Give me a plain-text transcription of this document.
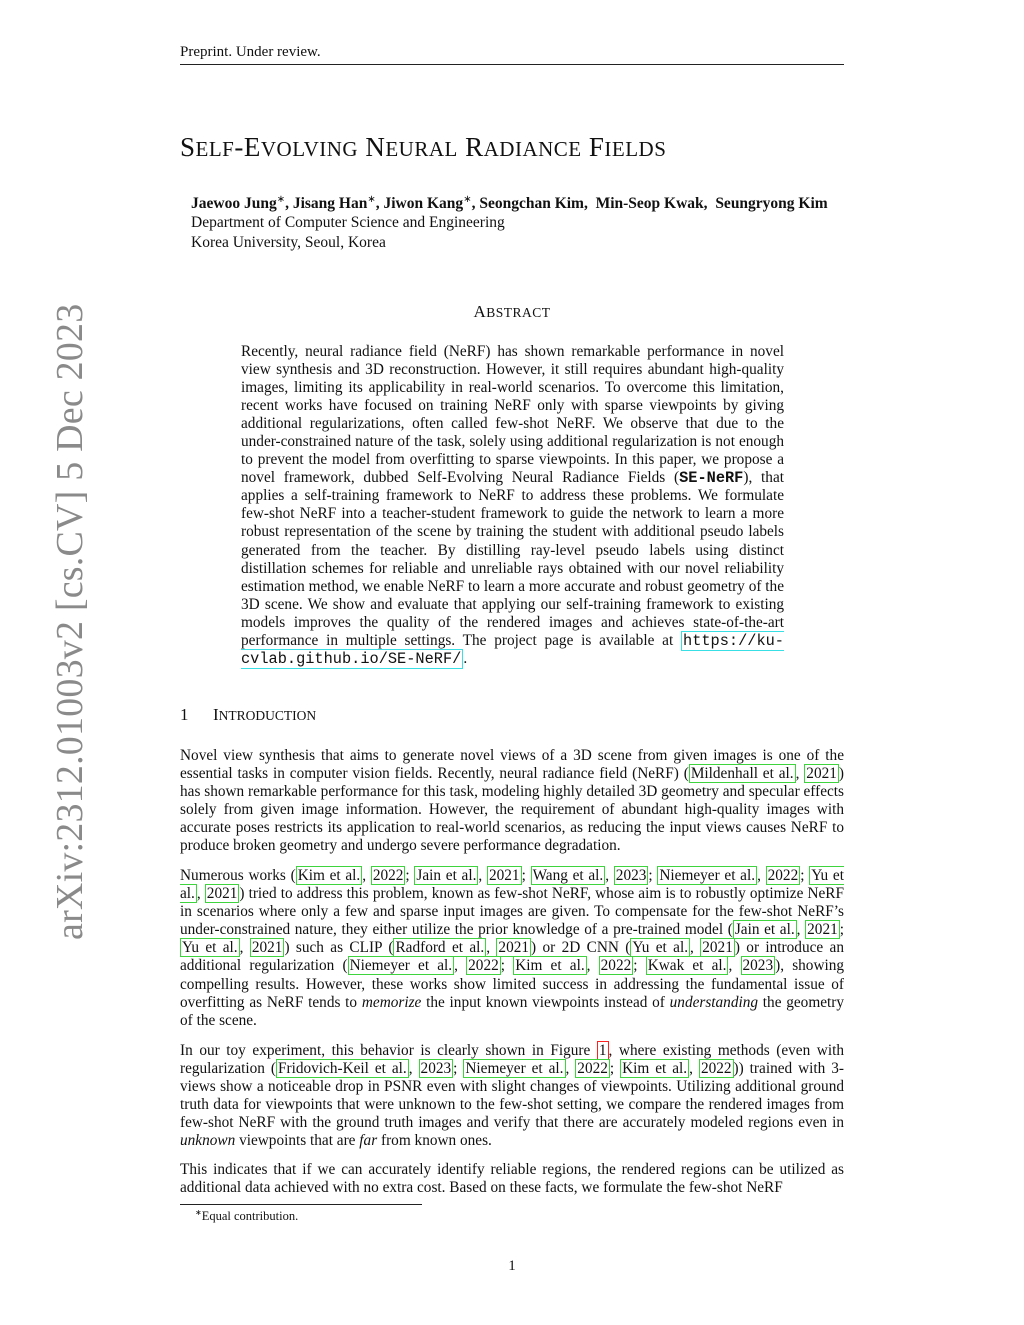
Preprint. Under review.
arXiv:2312.01003v2 [cs.CV] 5 Dec 2023
SELF-EVOLVING NEURAL RADIANCE FIELDS
Jaewoo Jung∗, Jisang Han∗, Jiwon Kang∗, Seongchan Kim, Min-Seop Kwak, Seungryong Kim
Department of Computer Science and Engineering
Korea University, Seoul, Korea
ABSTRACT
Recently, neural radiance field (NeRF) has shown remarkable performance in novel view synthesis and 3D reconstruction. However, it still requires abundant high-quality images, limiting its applicability in real-world scenarios. To overcome this limitation, recent works have focused on training NeRF only with sparse viewpoints by giving additional regularizations, often called few-shot NeRF. We observe that due to the under-constrained nature of the task, solely using additional regularization is not enough to prevent the model from overfitting to sparse viewpoints. In this paper, we propose a novel framework, dubbed Self-Evolving Neural Radiance Fields (SE-NeRF), that applies a self-training framework to NeRF to address these problems. We formulate few-shot NeRF into a teacher-student framework to guide the network to learn a more robust representation of the scene by training the student with additional pseudo labels generated from the teacher. By distilling ray-level pseudo labels using distinct distillation schemes for reliable and unreliable rays obtained with our novel reliability estimation method, we enable NeRF to learn a more accurate and robust geometry of the 3D scene. We show and evaluate that applying our self-training framework to existing models improves the quality of the rendered images and achieves state-of-the-art performance in multiple settings. The project page is available at https://ku-cvlab.github.io/SE-NeRF/ .
1 INTRODUCTION
Novel view synthesis that aims to generate novel views of a 3D scene from given images is one of the essential tasks in computer vision fields. Recently, neural radiance field (NeRF) ( Mildenhall et al. , 2021 ) has shown remarkable performance for this task, modeling highly detailed 3D geometry and specular effects solely from given image information. However, the requirement of abundant high-quality images with accurate poses restricts its application to real-world scenarios, as reducing the input views causes NeRF to produce broken geometry and undergo severe performance degradation.
Numerous works ( Kim et al. , 2022 ; Jain et al. , 2021 ; Wang et al. , 2023 ; Niemeyer et al. , 2022 ; Yu et al. , 2021 ) tried to address this problem, known as few-shot NeRF, whose aim is to robustly optimize NeRF in scenarios where only a few and sparse input images are given. To compensate for the few-shot NeRF’s under-constrained nature, they either utilize the prior knowledge of a pre-trained model ( Jain et al. , 2021 ; Yu et al. , 2021 ) such as CLIP ( Radford et al. , 2021 ) or 2D CNN ( Yu et al. , 2021 ) or introduce an additional regularization ( Niemeyer et al. , 2022 ; Kim et al. , 2022 ; Kwak et al. , 2023 ), showing compelling results. However, these works show limited success in addressing the fundamental issue of overfitting as NeRF tends to memorize the input known viewpoints instead of understanding the geometry of the scene.
In our toy experiment, this behavior is clearly shown in Figure 1 , where existing methods (even with regularization ( Fridovich-Keil et al. , 2023 ; Niemeyer et al. , 2022 ; Kim et al. , 2022 )) trained with 3-views show a noticeable drop in PSNR even with slight changes of viewpoints. Utilizing additional ground truth data for viewpoints that were unknown to the few-shot setting, we compare the rendered images from few-shot NeRF with the ground truth images and verify that there are accurately modeled regions even in unknown viewpoints that are far from known ones.
This indicates that if we can accurately identify reliable regions, the rendered regions can be utilized as additional data achieved with no extra cost. Based on these facts, we formulate the few-shot NeRF
∗Equal contribution.
1
